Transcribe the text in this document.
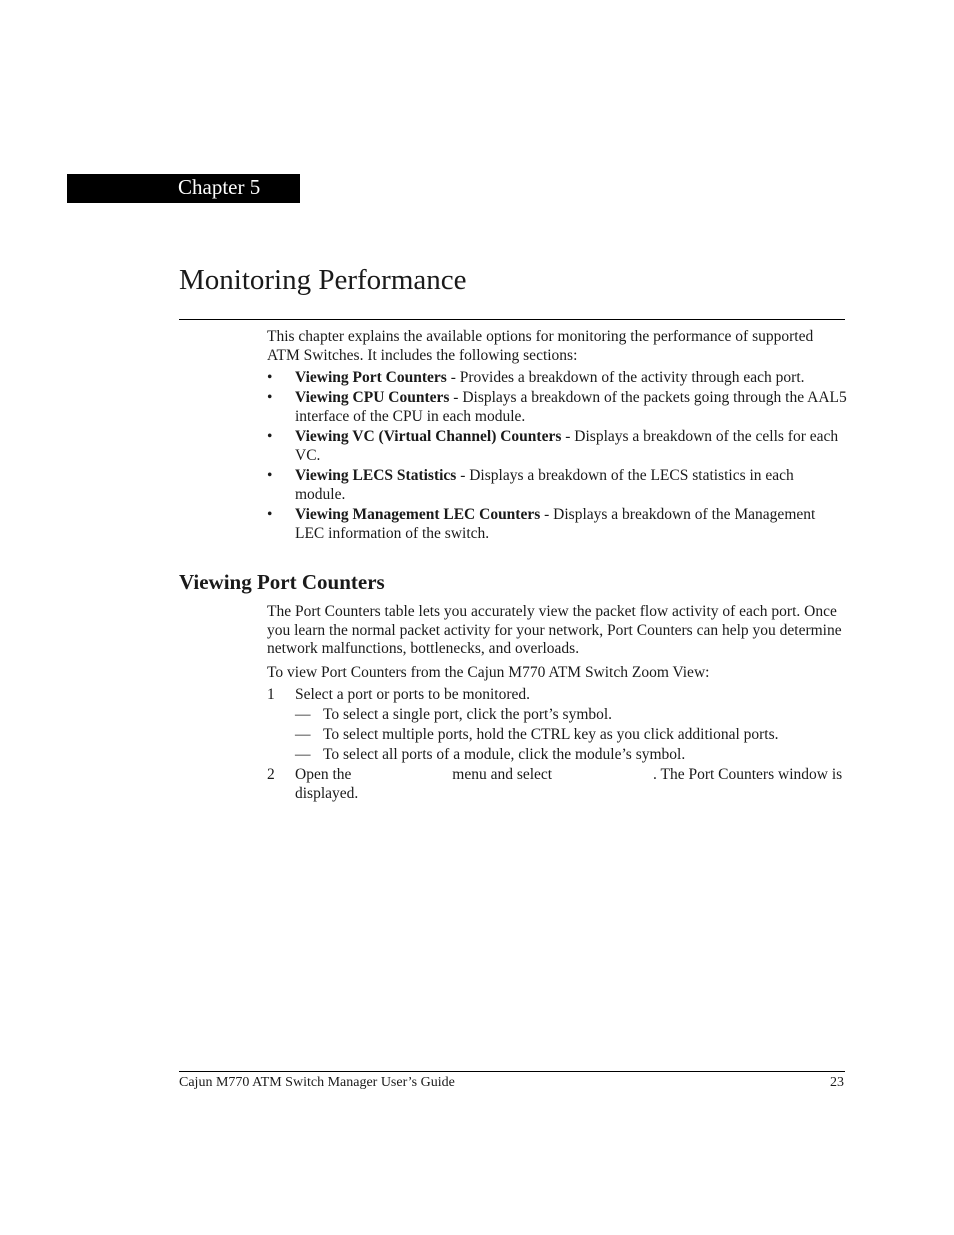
Chapter 5
Monitoring Performance

This chapter explains the available options for monitoring the performance of supported ATM Switches. It includes the following sections:

• Viewing Port Counters - Provides a breakdown of the activity through each port.
• Viewing CPU Counters - Displays a breakdown of the packets going through the AAL5 interface of the CPU in each module.
• Viewing VC (Virtual Channel) Counters - Displays a breakdown of the cells for each VC.
• Viewing LECS Statistics - Displays a breakdown of the LECS statistics in each module.
• Viewing Management LEC Counters - Displays a breakdown of the Management LEC information of the switch.
Viewing Port Counters

The Port Counters table lets you accurately view the packet flow activity of each port. Once you learn the normal packet activity for your network, Port Counters can help you determine network malfunctions, bottlenecks, and overloads.

To view Port Counters from the Cajun M770 ATM Switch Zoom View:

1 Select a port or ports to be monitored.
— To select a single port, click the port’s symbol.
— To select multiple ports, hold the CTRL key as you click additional ports.
— To select all ports of a module, click the module’s symbol.
2 Open the	menu and select	. The Port Counters window is displayed.
Cajun M770 ATM Switch Manager User’s Guide	23
